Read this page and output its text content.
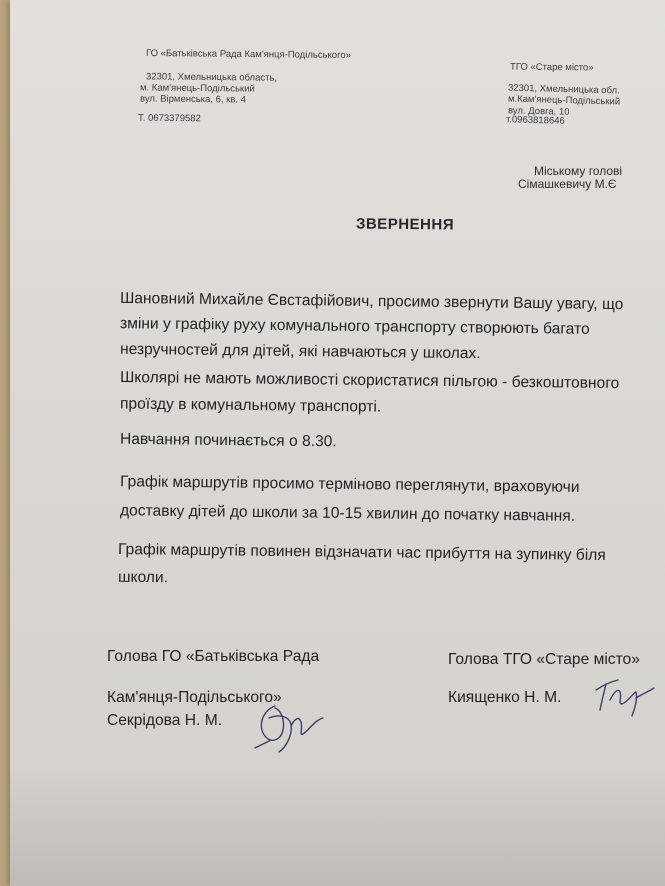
ГО «Батьківська Рада Кам'янця-Подільського»
32301, Хмельницька область,
м. Кам'янець-Подільський
вул. Вірменська, 6, кв. 4
Т. 0673379582
ТГО «Старе місто»
32301, Хмельницька обл.
м.Кам'янець-Подільський
вул. Довга, 10
т.0963818646
Міському голові
Сімашкевичу М.Є
ЗВЕРНЕННЯ
Шановний Михайле Євстафійович, просимо звернути Вашу увагу, що
зміни у графіку руху комунального транспорту створюють багато
незручностей для дітей, які навчаються у школах.
Школярі не мають можливості скористатися пільгою - безкоштовного
проїзду в комунальному транспорті.
Навчання починається о 8.30.
Графік маршрутів просимо терміново переглянути, враховуючи
доставку дітей до школи за 10-15 хвилин до початку навчання.
Графік маршрутів повинен відзначати час прибуття на зупинку біля
школи.
Голова ГО «Батьківська Рада
Кам'янця-Подільського»
Секрідова Н. М.
Голова ТГО «Старе місто»
Киященко Н. М.
